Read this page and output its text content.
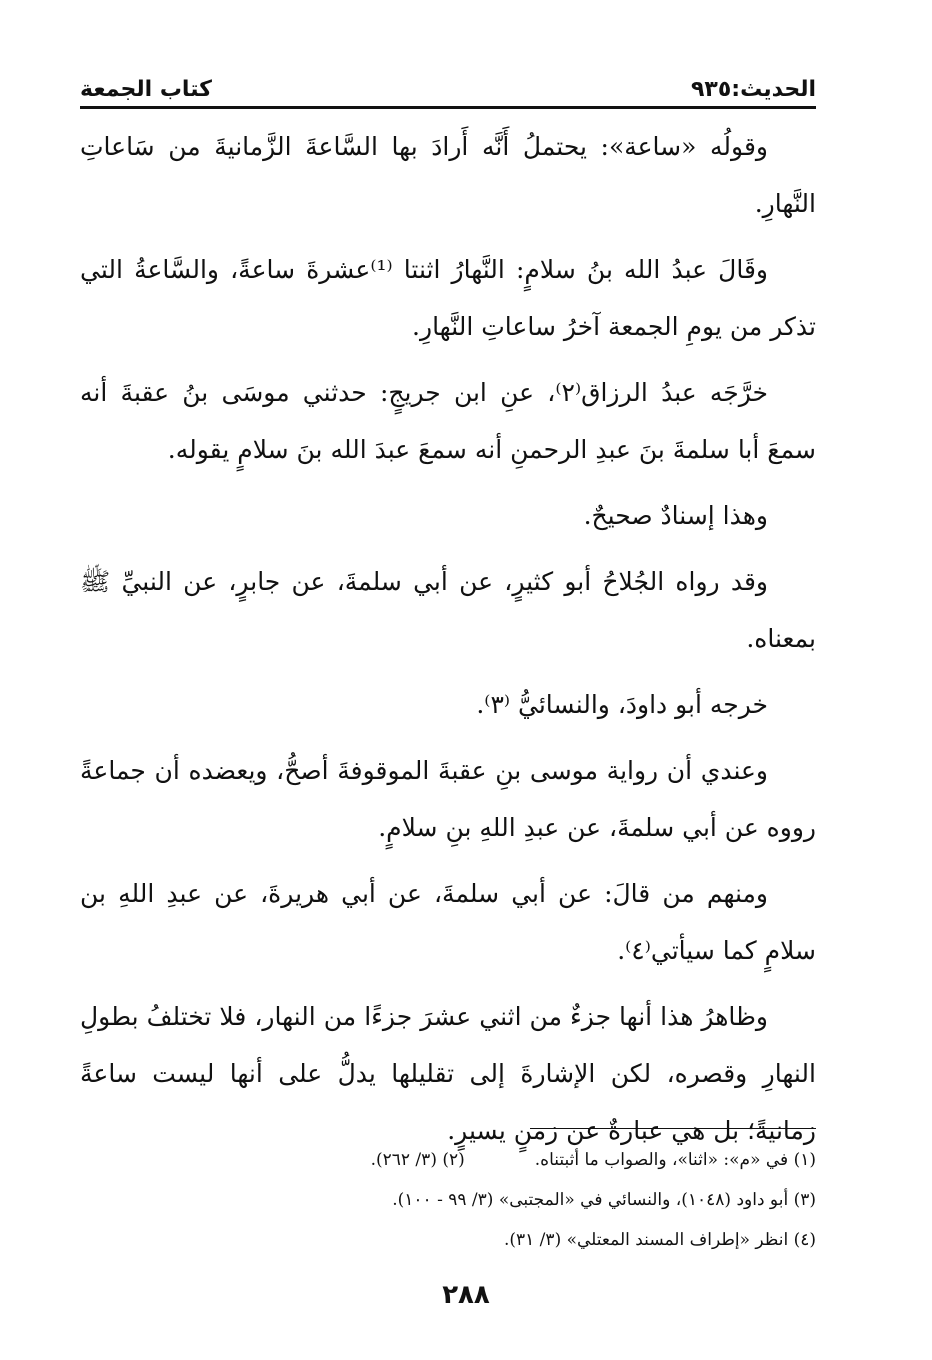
الحديث:٩٣٥
كتاب الجمعة

وقولُه «ساعة»: يحتملُ أَنَّه أَرادَ بها السَّاعةَ الزَّمانيةَ من سَاعاتِ النَّهارِ.

وقَالَ عبدُ الله بنُ سلامٍ: النَّهارُ اثنتا ⁽¹⁾عشرةَ ساعةً، والسَّاعةُ التي تذكر من يومِ الجمعة آخرُ ساعاتِ النَّهارِ.

خرَّجَه عبدُ الرزاق⁽٢⁾، عنِ ابن جريجٍ: حدثني موسَى بنُ عقبةَ أنه سمعَ أبا سلمةَ بنَ عبدِ الرحمنِ أنه سمعَ عبدَ الله بنَ سلامٍ يقوله.

وهذا إسنادٌ صحيحٌ.

وقد رواه الجُلاحُ أبو كثيرٍ، عن أبي سلمةَ، عن جابرٍ، عن النبيِّ ﷺ بمعناه.

خرجه أبو داودَ، والنسائيُّ ⁽٣⁾.

وعندي أن رواية موسى بنِ عقبةَ الموقوفةَ أصحُّ، ويعضده أن جماعةً رووه عن أبي سلمةَ، عن عبدِ اللهِ بنِ سلامٍ.

ومنهم من قالَ: عن أبي سلمةَ، عن أبي هريرةَ، عن عبدِ اللهِ بن سلامٍ كما سيأتي⁽٤⁾.

وظاهرُ هذا أنها جزءٌ من اثني عشرَ جزءًا من النهار، فلا تختلفُ بطولِ النهارِ وقصره، لكن الإشارةَ إلى تقليلها يدلُّ على أنها ليست ساعةً زمانيةً؛ بل هي عبارةٌ عن زمنٍ يسيرٍ.

(١) في «م»: «اثنا»، والصواب ما أثبتناه.
(٢) (٣/ ٢٦٢).
(٣) أبو داود (١٠٤٨)، والنسائي في «المجتبى» (٣/ ٩٩ - ١٠٠).
(٤) انظر «إطراف المسند المعتلي» (٣/ ٣١).
٢٨٨
